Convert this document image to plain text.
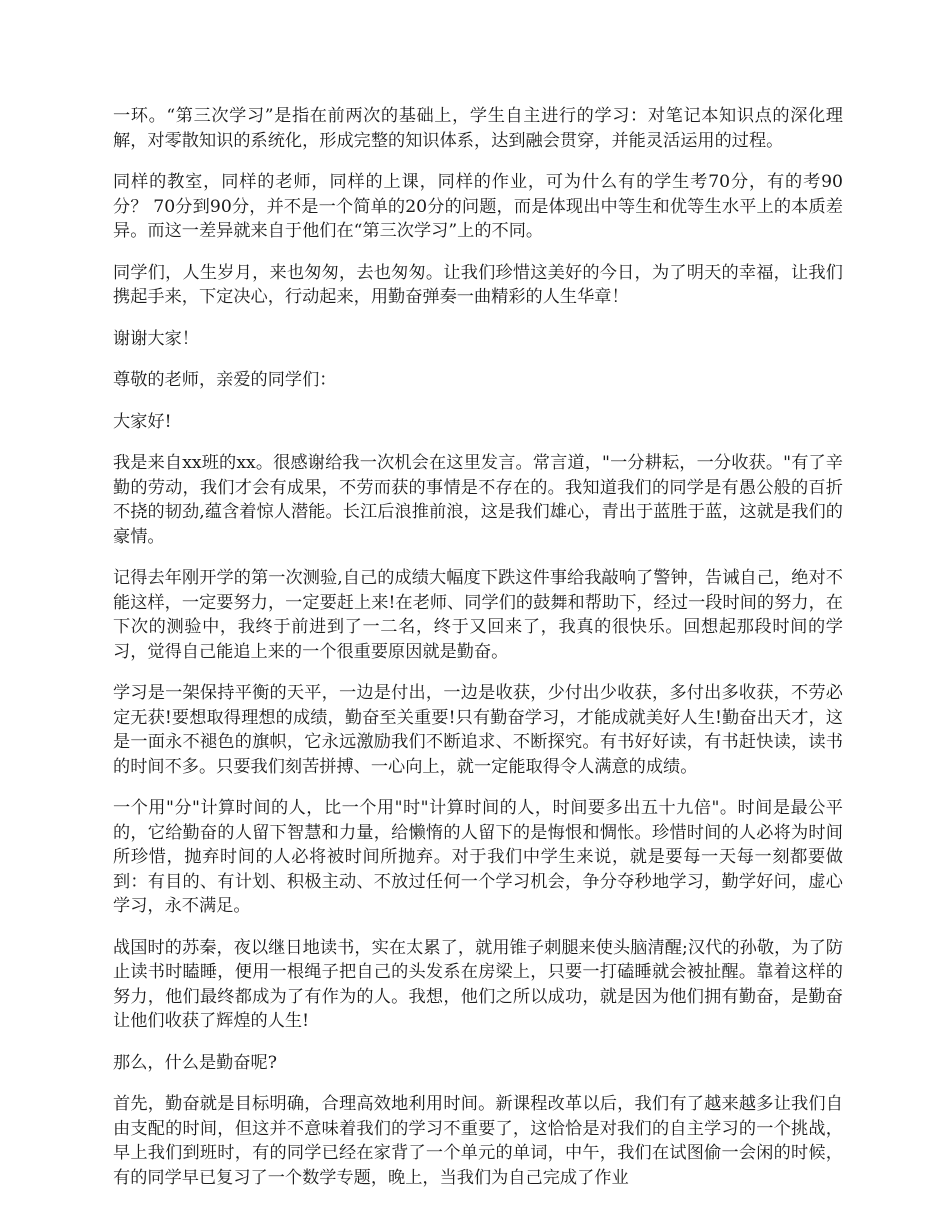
一环。“第三次学习”是指在前两次的基础上，学生自主进行的学习：对笔记本知识点的深化理解，对零散知识的系统化，形成完整的知识体系，达到融会贯穿，并能灵活运用的过程。

同样的教室，同样的老师，同样的上课，同样的作业，可为什么有的学生考70分，有的考90分？ 70分到90分，并不是一个简单的20分的问题，而是体现出中等生和优等生水平上的本质差异。而这一差异就来自于他们在“第三次学习”上的不同。

同学们，人生岁月，来也匆匆，去也匆匆。让我们珍惜这美好的今日，为了明天的幸福，让我们携起手来，下定决心，行动起来，用勤奋弹奏一曲精彩的人生华章！

谢谢大家！

尊敬的老师，亲爱的同学们：

大家好!

我是来自xx班的xx。很感谢给我一次机会在这里发言。常言道，"一分耕耘，一分收获。"有了辛勤的劳动，我们才会有成果，不劳而获的事情是不存在的。我知道我们的同学是有愚公般的百折不挠的韧劲,蕴含着惊人潜能。长江后浪推前浪，这是我们雄心，青出于蓝胜于蓝，这就是我们的豪情。

记得去年刚开学的第一次测验,自己的成绩大幅度下跌这件事给我敲响了警钟，告诫自己，绝对不能这样，一定要努力，一定要赶上来!在老师、同学们的鼓舞和帮助下，经过一段时间的努力，在下次的测验中，我终于前进到了一二名，终于又回来了，我真的很快乐。回想起那段时间的学习，觉得自己能追上来的一个很重要原因就是勤奋。

学习是一架保持平衡的天平，一边是付出，一边是收获，少付出少收获，多付出多收获，不劳必定无获!要想取得理想的成绩，勤奋至关重要!只有勤奋学习，才能成就美好人生!勤奋出天才，这是一面永不褪色的旗帜，它永远激励我们不断追求、不断探究。有书好好读，有书赶快读，读书的时间不多。只要我们刻苦拼搏、一心向上，就一定能取得令人满意的成绩。

一个用"分"计算时间的人，比一个用"时"计算时间的人，时间要多出五十九倍"。时间是最公平的，它给勤奋的人留下智慧和力量，给懒惰的人留下的是悔恨和惆怅。珍惜时间的人必将为时间所珍惜，抛弃时间的人必将被时间所抛弃。对于我们中学生来说，就是要每一天每一刻都要做到：有目的、有计划、积极主动、不放过任何一个学习机会，争分夺秒地学习，勤学好问，虚心学习，永不满足。

战国时的苏秦，夜以继日地读书，实在太累了，就用锥子刺腿来使头脑清醒;汉代的孙敬，为了防止读书时瞌睡，便用一根绳子把自己的头发系在房梁上，只要一打磕睡就会被扯醒。靠着这样的努力，他们最终都成为了有作为的人。我想，他们之所以成功，就是因为他们拥有勤奋，是勤奋让他们收获了辉煌的人生!

那么，什么是勤奋呢?

首先，勤奋就是目标明确，合理高效地利用时间。新课程改革以后，我们有了越来越多让我们自由支配的时间，但这并不意味着我们的学习不重要了，这恰恰是对我们的自主学习的一个挑战，早上我们到班时，有的同学已经在家背了一个单元的单词，中午，我们在试图偷一会闲的时候，有的同学早已复习了一个数学专题，晚上，当我们为自己完成了作业
